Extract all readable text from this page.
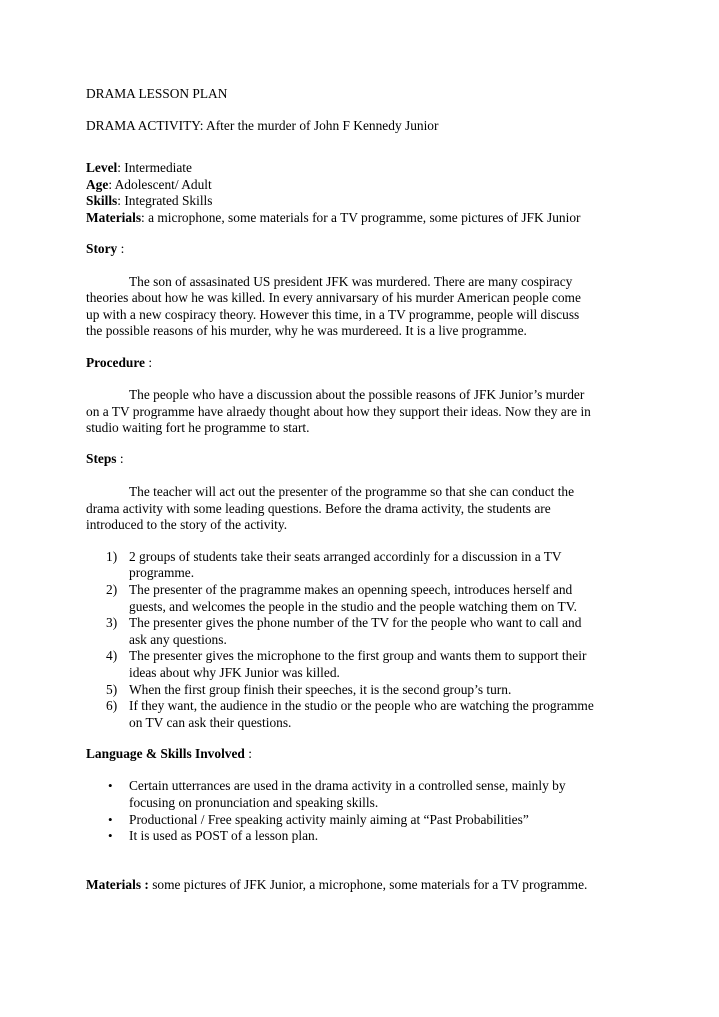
DRAMA LESSON PLAN
DRAMA ACTIVITY: After the murder of John F Kennedy Junior
Level: Intermediate
Age: Adolescent/ Adult
Skills: Integrated Skills
Materials: a microphone, some materials for a TV programme, some pictures of JFK Junior
Story :
The son of assasinated US president JFK was murdered. There are many cospiracy
theories about how he was killed. In every annivarsary of his murder American people come
up with a new cospiracy theory. However this time, in a TV programme, people will discuss
the possible reasons of his murder, why he was murdereed. It is a live programme.
Procedure :
The people who have a discussion about the possible reasons of JFK Junior’s murder
on a TV programme have alraedy thought about how they support their ideas. Now they are in
studio waiting fort he programme to start.
Steps :
The teacher will act out the presenter of the programme so that she can conduct the
drama activity with some leading questions. Before the drama activity, the students are
introduced to the story of the activity.
1) 2 groups of students take their seats arranged accordinly for a discussion in a TV
programme.
2) The presenter of the pragramme makes an openning speech, introduces herself and
guests, and welcomes the people in the studio and the people watching them on TV.
3) The presenter gives the phone number of the TV for the people who want to call and
ask any questions.
4) The presenter gives the microphone to the first group and wants them to support their
ideas about why JFK Junior was killed.
5) When the first group finish their speeches, it is the second group’s turn.
6) If they want, the audience in the studio or the people who are watching the programme
on TV can ask their questions.
Language & Skills Involved :
• Certain utterrances are used in the drama activity in a controlled sense, mainly by
focusing on pronunciation and speaking skills.
• Productional / Free speaking activity mainly aiming at “Past Probabilities”
• It is used as POST of a lesson plan.
Materials : some pictures of JFK Junior, a microphone, some materials for a TV programme.
